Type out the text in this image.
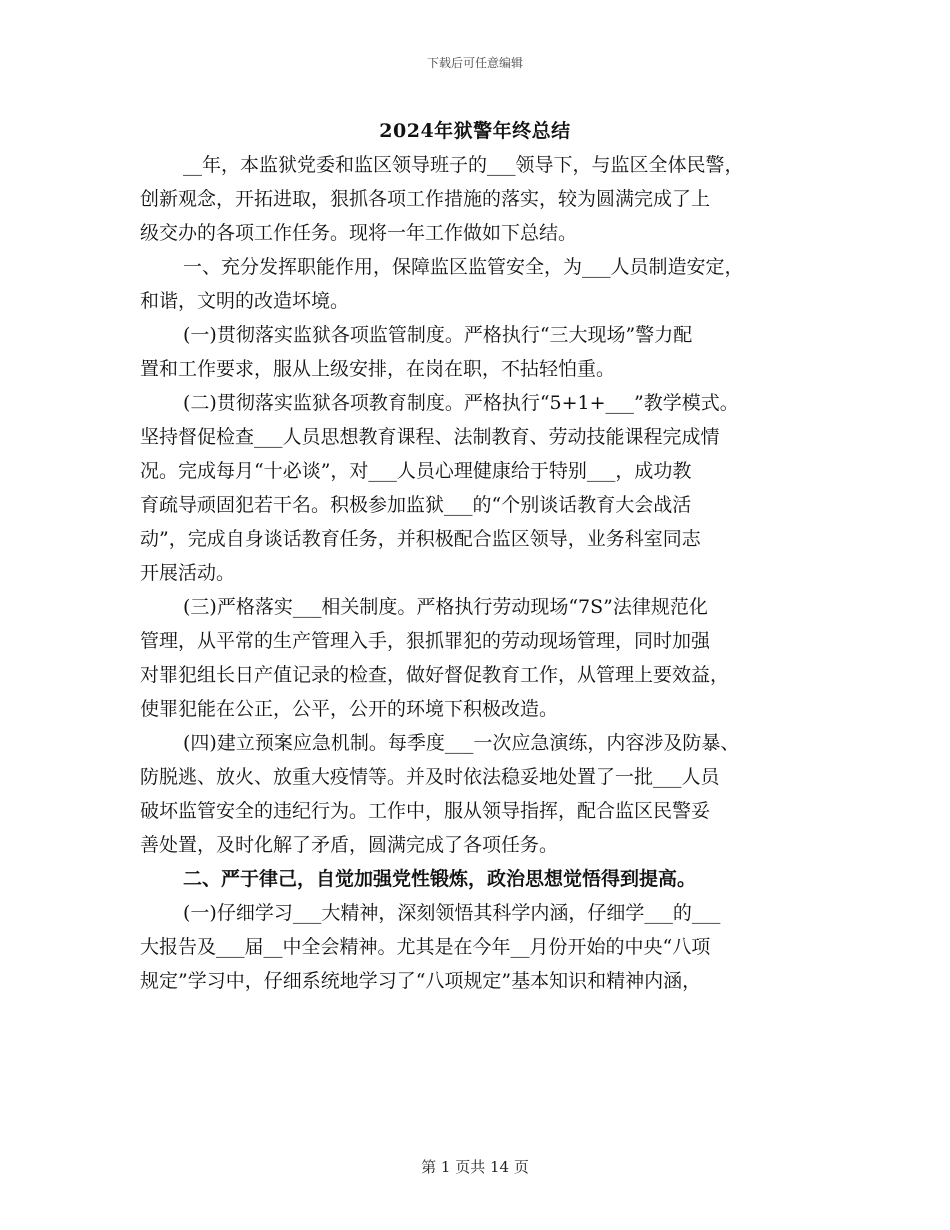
下载后可任意编辑
2024年狱警年终总结
__年，本监狱党委和监区领导班子的___领导下，与监区全体民警，
创新观念，开拓进取，狠抓各项工作措施的落实，较为圆满完成了上
级交办的各项工作任务。现将一年工作做如下总结。
一、充分发挥职能作用，保障监区监管安全，为___人员制造安定，
和谐，文明的改造坏境。
(一)贯彻落实监狱各项监管制度。严格执行“三大现场”警力配
置和工作要求，服从上级安排，在岗在职，不拈轻怕重。
(二)贯彻落实监狱各项教育制度。严格执行“5+1+___”教学模式。
坚持督促检查___人员思想教育课程、法制教育、劳动技能课程完成情
况。完成每月“十必谈”，对___人员心理健康给于特别___，成功教
育疏导顽固犯若干名。积极参加监狱___的“个别谈话教育大会战活
动”，完成自身谈话教育任务，并积极配合监区领导，业务科室同志
开展活动。
(三)严格落实___相关制度。严格执行劳动现场“7S”法律规范化
管理，从平常的生产管理入手，狠抓罪犯的劳动现场管理，同时加强
对罪犯组长日产值记录的检查，做好督促教育工作，从管理上要效益，
使罪犯能在公正，公平，公开的环境下积极改造。
(四)建立预案应急机制。每季度___一次应急演练，内容涉及防暴、
防脱逃、放火、放重大疫情等。并及时依法稳妥地处置了一批___人员
破坏监管安全的违纪行为。工作中，服从领导指挥，配合监区民警妥
善处置，及时化解了矛盾，圆满完成了各项任务。
二、严于律己，自觉加强党性锻炼，政治思想觉悟得到提高。
(一)仔细学习___大精神，深刻领悟其科学内涵，仔细学___的___
大报告及___届__中全会精神。尤其是在今年__月份开始的中央“八项
规定”学习中，仔细系统地学习了“八项规定”基本知识和精神内涵，
第 1 页共 14 页
